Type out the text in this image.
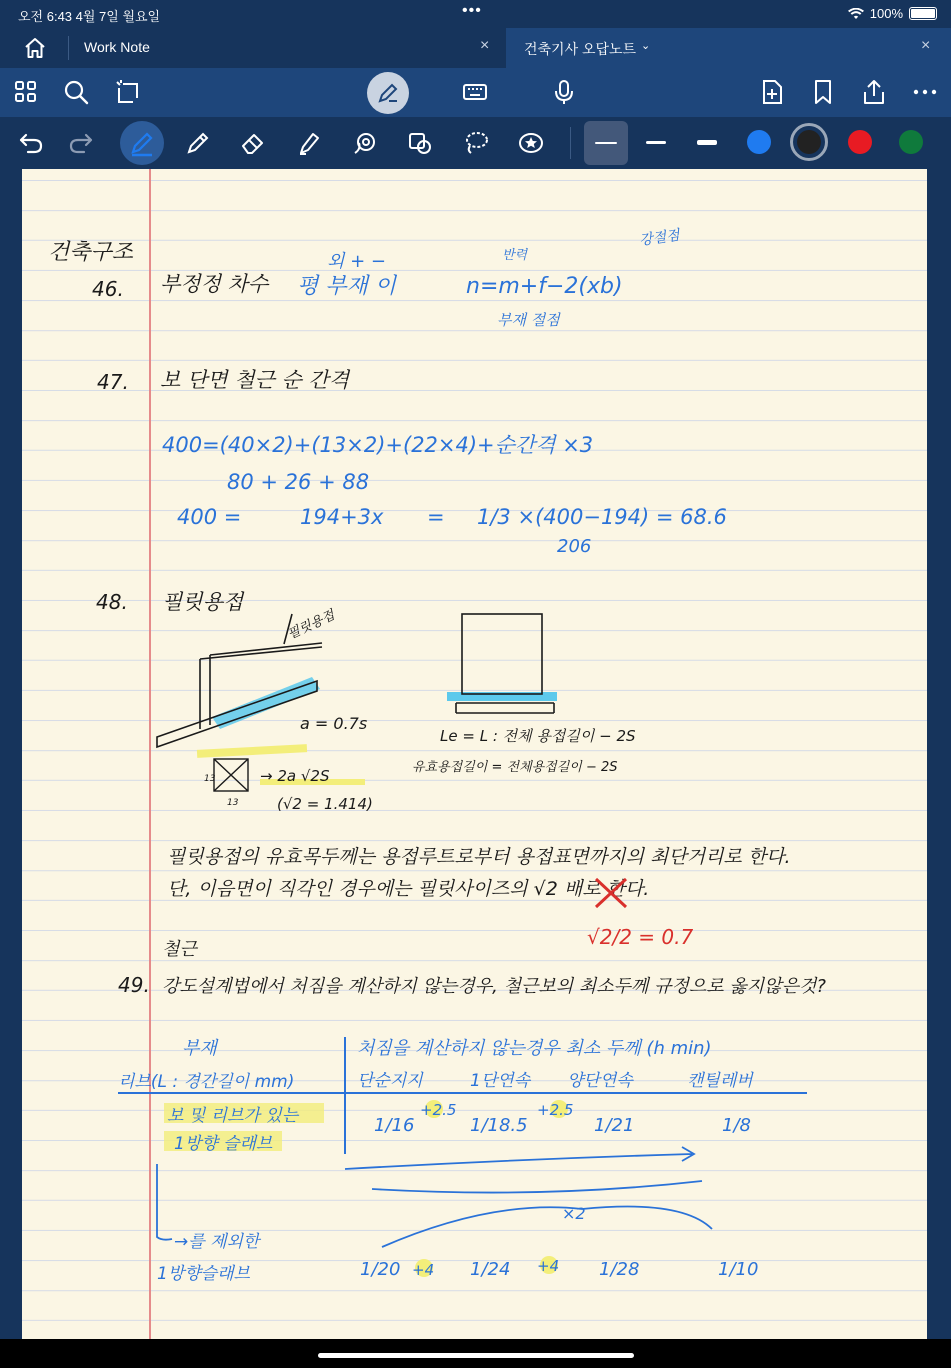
오전 6:43 4월 7일 월요일	•••	100%
Work Note	× 건축기사 오답노트 ⌄	×
건축구조
46. 부정정 차수
외 + −
평 부재 이	n=m+f−2(xb)
반력
강절점
부재 절점
47. 보 단면 철근 순 간격
400=(40×2)+(13×2)+(22×4)+순간격 ×3
80 + 26 + 88
400 =	194+3x = 1/3 ×(400−194) = 68.6
206
48. 필릿용접
필릿용접
a = 0.7s
Le = L : 전체 용접길이 − 2S
유효용접길이 = 전체용접길이 − 2S
13
13
→ 2a √2S
(√2 = 1.414)
필릿용접의 유효목두께는 용접루트로부터 용접표면까지의 최단거리로 한다.
단, 이음면이 직각인 경우에는 필릿사이즈의 √2 배로 한다.
√2/2 = 0.7
철근
49. 강도설계법에서 처짐을 계산하지 않는경우, 철근보의 최소두께 규정으로 옳지않은것?
부재
리브(L : 경간길이 mm)
처짐을 계산하지 않는경우 최소 두께 (h min)
단순지지	1단연속 양단연속	캔틸레버
보 및 리브가 있는
1방향 슬래브
1/16	1/18.5	1/21	1/8
+2.5	+2.5
×2
→를 제외한
1방향슬래브	1/20	1/24	1/28	1/10
+4	+4
